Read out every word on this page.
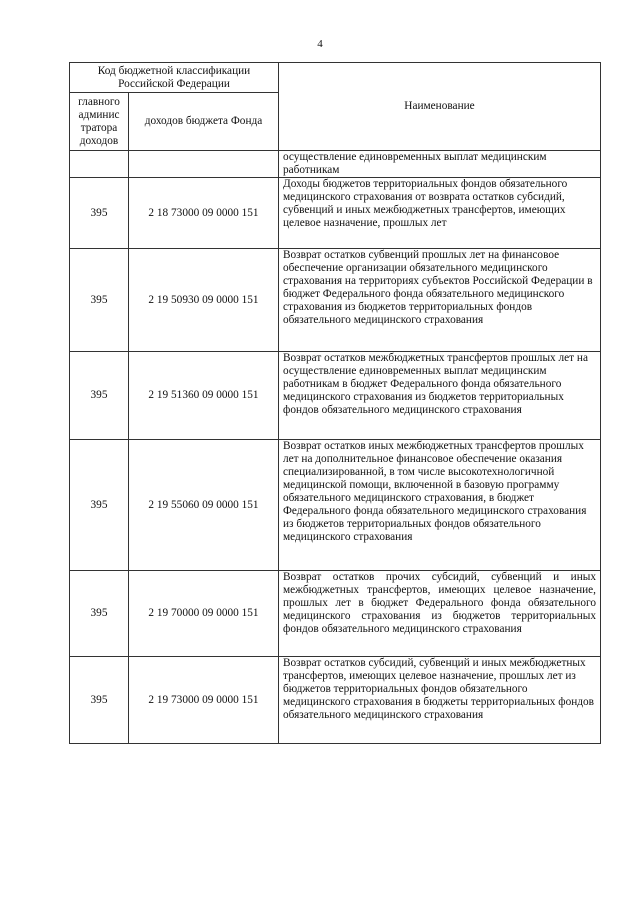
4
Код бюджетной классификации Российской Федерации		Наименование
главного админис тратора доходов	доходов бюджета Фонда	
		осуществление единовременных выплат медицинским работникам
395	2 18 73000 09 0000 151	Доходы бюджетов территориальных фондов обязательного медицинского страхования от возврата остатков субсидий, субвенций и иных межбюджетных трансфертов, имеющих целевое назначение, прошлых лет
395	2 19 50930 09 0000 151	Возврат остатков субвенций прошлых лет на финансовое обеспечение организации обязательного медицинского страхования на территориях субъектов Российской Федерации в бюджет Федерального фонда обязательного медицинского страхования из бюджетов территориальных фондов обязательного медицинского страхования
395	2 19 51360 09 0000 151	Возврат остатков межбюджетных трансфертов прошлых лет на осуществление единовременных выплат медицинским работникам в бюджет Федерального фонда обязательного медицинского страхования из бюджетов территориальных фондов обязательного медицинского страхования
395	2 19 55060 09 0000 151	Возврат остатков иных межбюджетных трансфертов прошлых лет на дополнительное финансовое обеспечение оказания специализированной, в том числе высокотехнологичной медицинской помощи, включенной в базовую программу обязательного медицинского страхования, в бюджет Федерального фонда обязательного медицинского страхования из бюджетов территориальных фондов обязательного медицинского страхования
395	2 19 70000 09 0000 151	Возврат остатков прочих субсидий, субвенций и иных межбюджетных трансфертов, имеющих целевое назначение, прошлых лет в бюджет Федерального фонда обязательного медицинского страхования из бюджетов территориальных фондов обязательного медицинского страхования
395	2 19 73000 09 0000 151	Возврат остатков субсидий, субвенций и иных межбюджетных трансфертов, имеющих целевое назначение, прошлых лет из бюджетов территориальных фондов обязательного медицинского страхования в бюджеты территориальных фондов обязательного медицинского страхования
